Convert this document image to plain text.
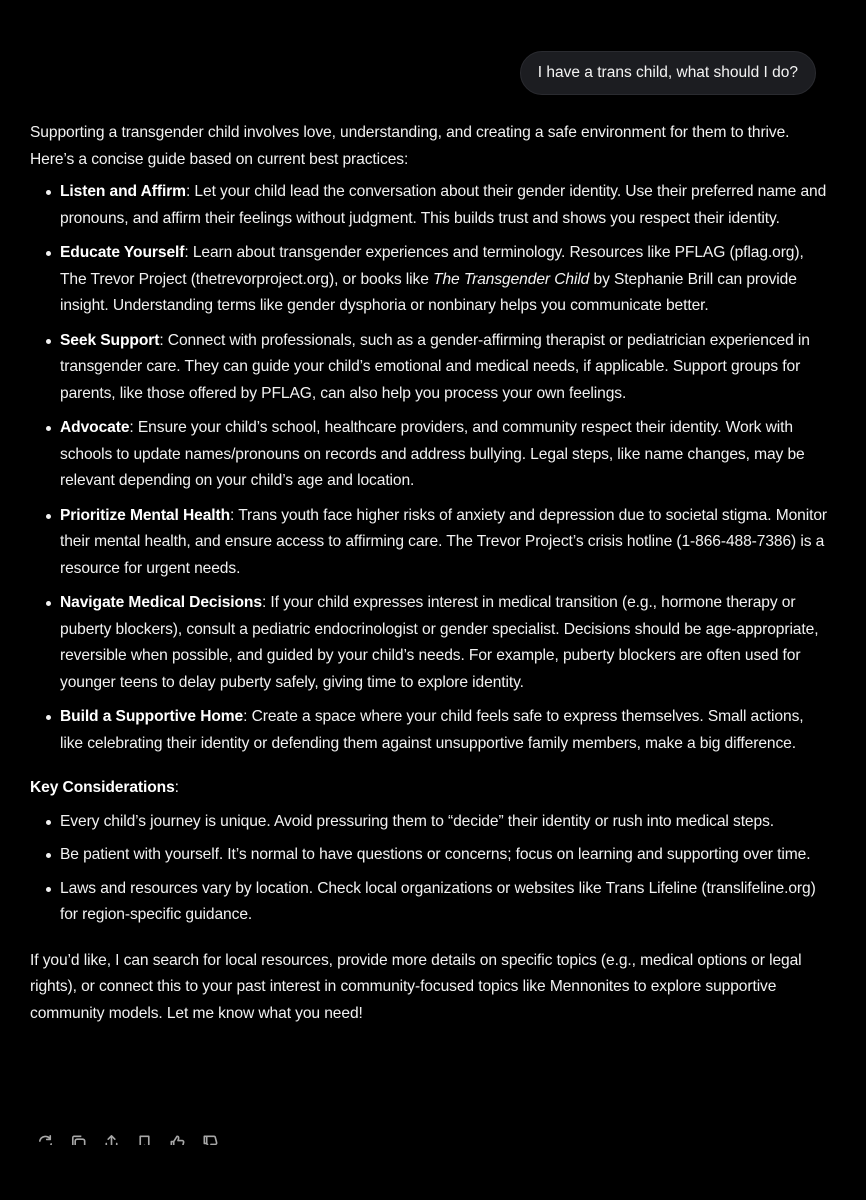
I have a trans child, what should I do?

Supporting a transgender child involves love, understanding, and creating a safe environment for them to thrive. Here’s a concise guide based on current best practices:

Listen and Affirm: Let your child lead the conversation about their gender identity. Use their preferred name and pronouns, and affirm their feelings without judgment. This builds trust and shows you respect their identity.
Educate Yourself: Learn about transgender experiences and terminology. Resources like PFLAG (pflag.org), The Trevor Project (thetrevorproject.org), or books like The Transgender Child by Stephanie Brill can provide insight. Understanding terms like gender dysphoria or nonbinary helps you communicate better.
Seek Support: Connect with professionals, such as a gender-affirming therapist or pediatrician experienced in transgender care. They can guide your child’s emotional and medical needs, if applicable. Support groups for parents, like those offered by PFLAG, can also help you process your own feelings.
Advocate: Ensure your child’s school, healthcare providers, and community respect their identity. Work with schools to update names/pronouns on records and address bullying. Legal steps, like name changes, may be relevant depending on your child’s age and location.
Prioritize Mental Health: Trans youth face higher risks of anxiety and depression due to societal stigma. Monitor their mental health, and ensure access to affirming care. The Trevor Project’s crisis hotline (1-866-488-7386) is a resource for urgent needs.
Navigate Medical Decisions: If your child expresses interest in medical transition (e.g., hormone therapy or puberty blockers), consult a pediatric endocrinologist or gender specialist. Decisions should be age-appropriate, reversible when possible, and guided by your child’s needs. For example, puberty blockers are often used for younger teens to delay puberty safely, giving time to explore identity.
Build a Supportive Home: Create a space where your child feels safe to express themselves. Small actions, like celebrating their identity or defending them against unsupportive family members, make a big difference.

Key Considerations:

Every child’s journey is unique. Avoid pressuring them to “decide” their identity or rush into medical steps.
Be patient with yourself. It’s normal to have questions or concerns; focus on learning and supporting over time.
Laws and resources vary by location. Check local organizations or websites like Trans Lifeline (translifeline.org) for region-specific guidance.

If you’d like, I can search for local resources, provide more details on specific topics (e.g., medical options or legal rights), or connect this to your past interest in community-focused topics like Mennonites to explore supportive community models. Let me know what you need!
